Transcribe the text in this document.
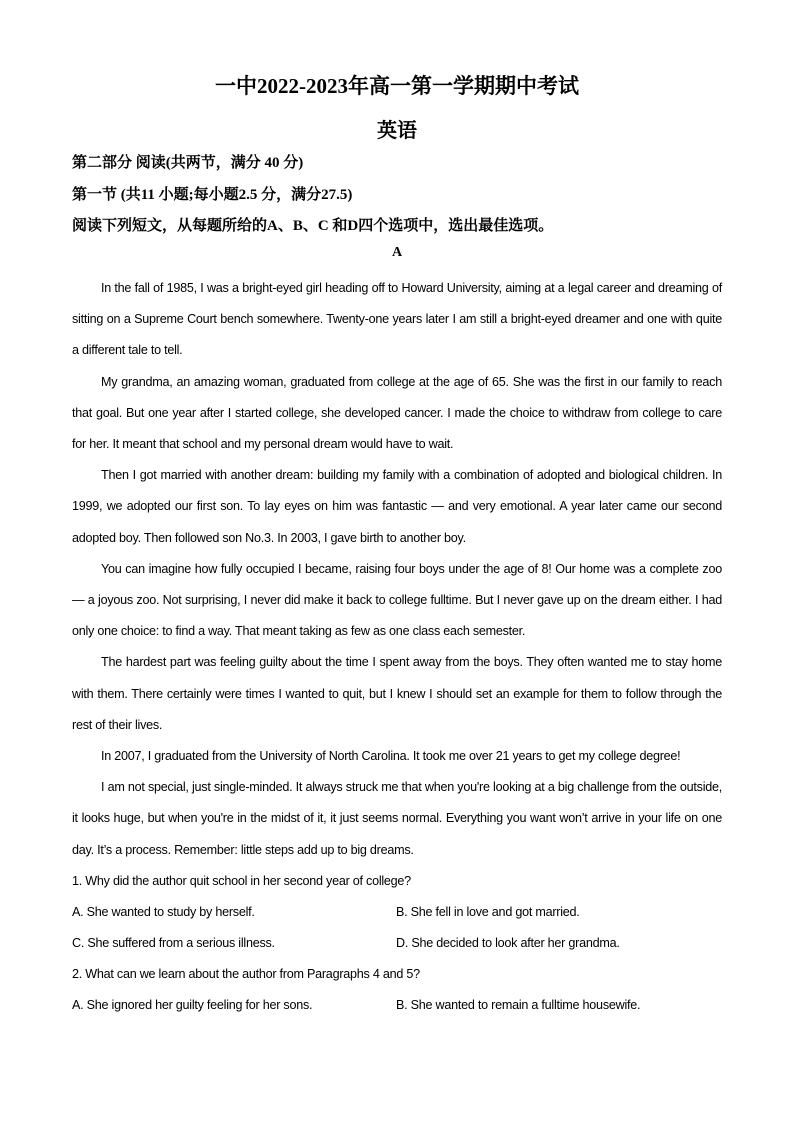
一中2022-2023年高一第一学期期中考试
英语
第二部分 阅读(共两节，满分 40 分)
第一节 (共11 小题;每小题2.5 分，满分27.5)
阅读下列短文，从每题所给的A、B、C 和D四个选项中，选出最佳选项。
A

In the fall of 1985, I was a bright-eyed girl heading off to Howard University, aiming at a legal career and dreaming of sitting on a Supreme Court bench somewhere. Twenty-one years later I am still a bright-eyed dreamer and one with quite a different tale to tell.

My grandma, an amazing woman, graduated from college at the age of 65. She was the first in our family to reach that goal. But one year after I started college, she developed cancer. I made the choice to withdraw from college to care for her. It meant that school and my personal dream would have to wait.

Then I got married with another dream: building my family with a combination of adopted and biological children. In 1999, we adopted our first son. To lay eyes on him was fantastic — and very emotional. A year later came our second adopted boy. Then followed son No.3. In 2003, I gave birth to another boy.

You can imagine how fully occupied I became, raising four boys under the age of 8! Our home was a complete zoo — a joyous zoo. Not surprising, I never did make it back to college fulltime. But I never gave up on the dream either. I had only one choice: to find a way. That meant taking as few as one class each semester.

The hardest part was feeling guilty about the time I spent away from the boys. They often wanted me to stay home with them. There certainly were times I wanted to quit, but I knew I should set an example for them to follow through the rest of their lives.

In 2007, I graduated from the University of North Carolina. It took me over 21 years to get my college degree!

I am not special, just single-minded. It always struck me that when you're looking at a big challenge from the outside, it looks huge, but when you're in the midst of it, it just seems normal. Everything you want won’t arrive in your life on one day. It’s a process. Remember: little steps add up to big dreams.

1. Why did the author quit school in her second year of college?
A. She wanted to study by herself.	B. She fell in love and got married.
C. She suffered from a serious illness.	D. She decided to look after her grandma.
2. What can we learn about the author from Paragraphs 4 and 5?
A. She ignored her guilty feeling for her sons.	B. She wanted to remain a fulltime housewife.
